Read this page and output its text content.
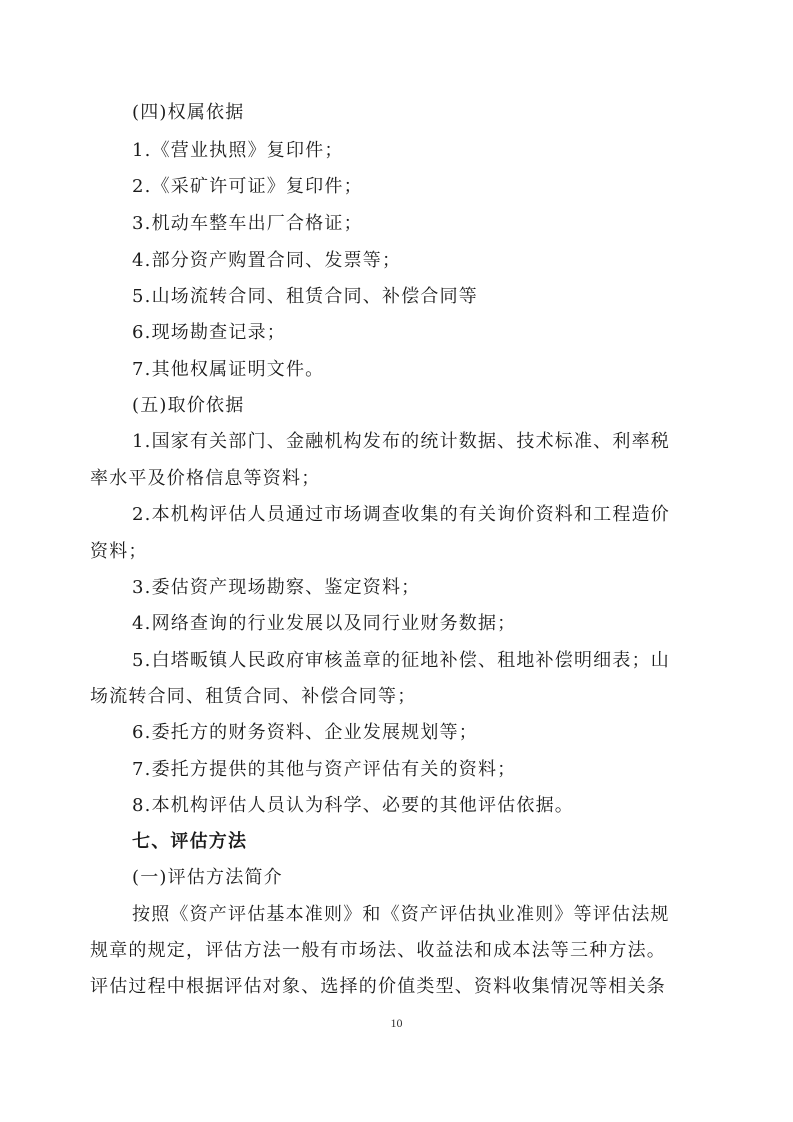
(四)权属依据
1.《营业执照》复印件；
2.《采矿许可证》复印件；
3.机动车整车出厂合格证；
4.部分资产购置合同、发票等；
5.山场流转合同、租赁合同、补偿合同等
6.现场勘查记录；
7.其他权属证明文件。
(五)取价依据
1.国家有关部门、金融机构发布的统计数据、技术标准、利率税
率水平及价格信息等资料；
2.本机构评估人员通过市场调查收集的有关询价资料和工程造价
资料；
3.委估资产现场勘察、鉴定资料；
4.网络查询的行业发展以及同行业财务数据；
5.白塔畈镇人民政府审核盖章的征地补偿、租地补偿明细表；山
场流转合同、租赁合同、补偿合同等；
6.委托方的财务资料、企业发展规划等；
7.委托方提供的其他与资产评估有关的资料；
8.本机构评估人员认为科学、必要的其他评估依据。
七、评估方法
(一)评估方法简介
按照《资产评估基本准则》和《资产评估执业准则》等评估法规
规章的规定，评估方法一般有市场法、收益法和成本法等三种方法。
评估过程中根据评估对象、选择的价值类型、资料收集情况等相关条
10
